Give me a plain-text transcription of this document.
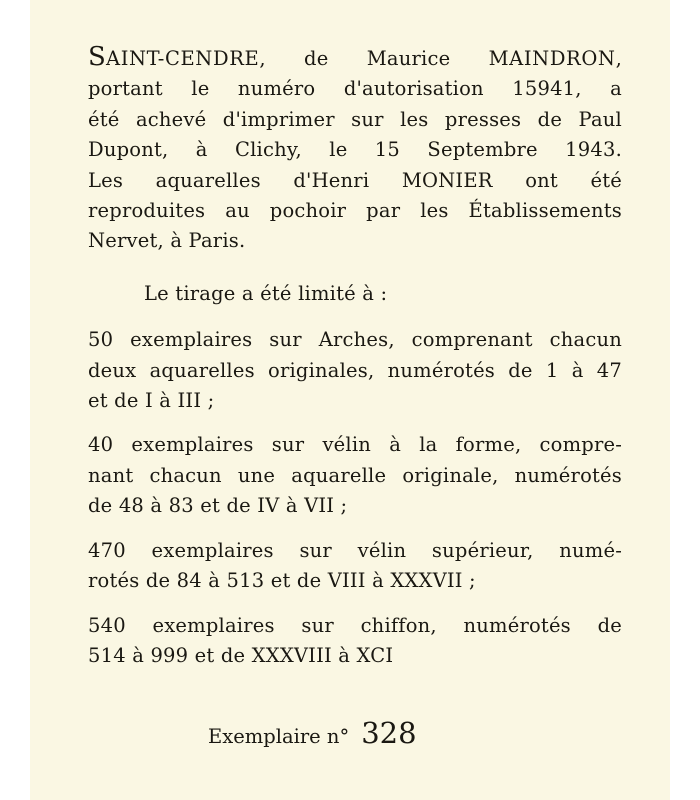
SAINT-CENDRE, de Maurice MAINDRON,
portant le numéro d'autorisation 15941, a
été achevé d'imprimer sur les presses de Paul
Dupont, à Clichy, le 15 Septembre 1943.
Les aquarelles d'Henri MONIER ont été
reproduites au pochoir par les Établissements
Nervet, à Paris.
Le tirage a été limité à :
50 exemplaires sur Arches, comprenant chacun
deux aquarelles originales, numérotés de 1 à 47
et de I à III ;
40 exemplaires sur vélin à la forme, compre-
nant chacun une aquarelle originale, numérotés
de 48 à 83 et de IV à VII ;
470 exemplaires sur vélin supérieur, numé-
rotés de 84 à 513 et de VIII à XXXVII ;
540 exemplaires sur chiffon, numérotés de
514 à 999 et de XXXVIII à XCI
Exemplaire n° 328
